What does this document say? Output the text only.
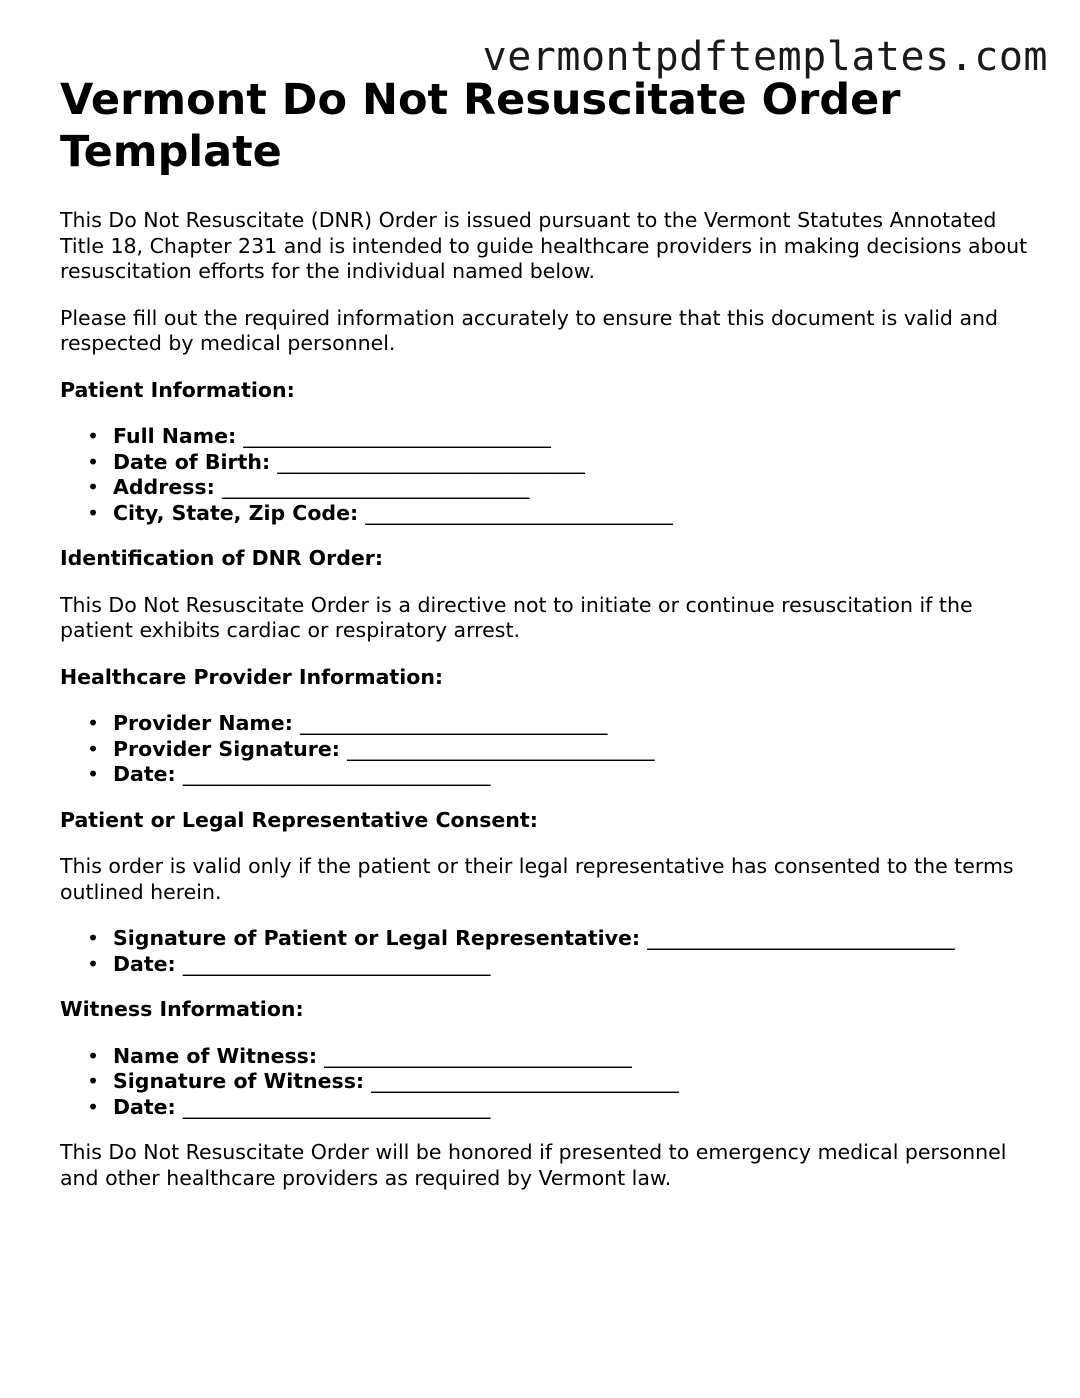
vermontpdftemplates.com
Vermont Do Not Resuscitate Order Template

This Do Not Resuscitate (DNR) Order is issued pursuant to the Vermont Statutes Annotated Title 18, Chapter 231 and is intended to guide healthcare providers in making decisions about resuscitation efforts for the individual named below.

Please fill out the required information accurately to ensure that this document is valid and respected by medical personnel.

Patient Information:
• Full Name: ______________________________
• Date of Birth: ______________________________
• Address: ______________________________
• City, State, Zip Code: ______________________________
Identification of DNR Order:

This Do Not Resuscitate Order is a directive not to initiate or continue resuscitation if the patient exhibits cardiac or respiratory arrest.

Healthcare Provider Information:
• Provider Name: ______________________________
• Provider Signature: ______________________________
• Date: ______________________________
Patient or Legal Representative Consent:

This order is valid only if the patient or their legal representative has consented to the terms outlined herein.

• Signature of Patient or Legal Representative: ______________________________
• Date: ______________________________
Witness Information:
• Name of Witness: ______________________________
• Signature of Witness: ______________________________
• Date: ______________________________

This Do Not Resuscitate Order will be honored if presented to emergency medical personnel and other healthcare providers as required by Vermont law.
